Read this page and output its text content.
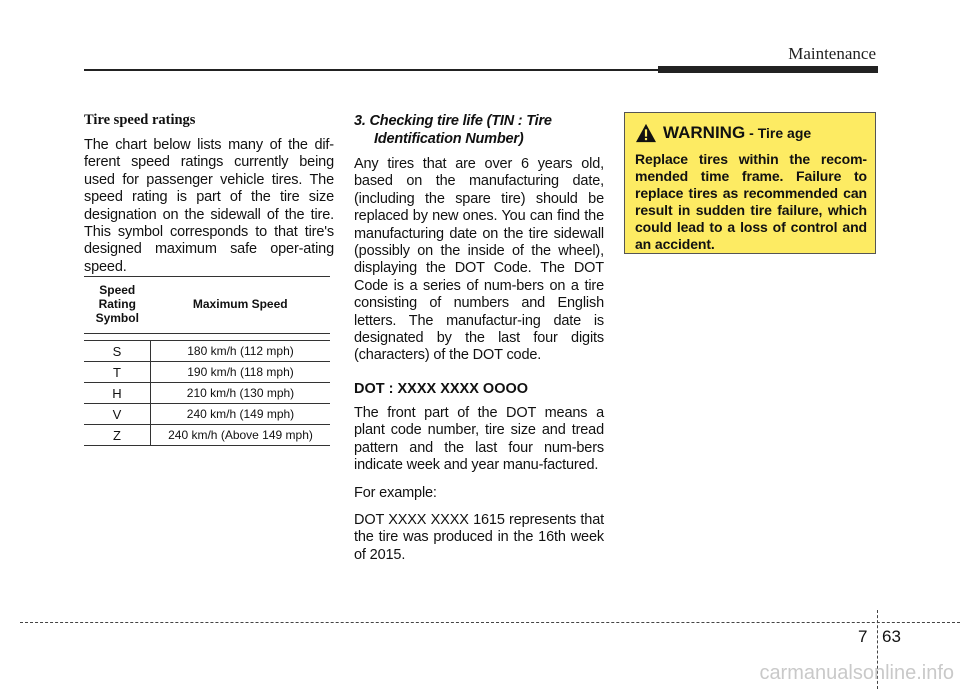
Maintenance

Tire speed ratings

The chart below lists many of the dif-ferent speed ratings currently being used for passenger vehicle tires. The speed rating is part of the tire size designation on the sidewall of the tire. This symbol corresponds to that tire's designed maximum safe oper-ating speed.

Speed Rating Symbol	Maximum Speed

S	180 km/h (112 mph)
T	190 km/h (118 mph)
H	210 km/h (130 mph)
V	240 km/h (149 mph)
Z	240 km/h (Above 149 mph)

3. Checking tire life (TIN : Tire Identification Number)

Any tires that are over 6 years old, based on the manufacturing date, (including the spare tire) should be replaced by new ones. You can find the manufacturing date on the tire sidewall (possibly on the inside of the wheel), displaying the DOT Code. The DOT Code is a series of num-bers on a tire consisting of numbers and English letters. The manufactur-ing date is designated by the last four digits (characters) of the DOT code.

DOT : XXXX XXXX OOOO

The front part of the DOT means a plant code number, tire size and tread pattern and the last four num-bers indicate week and year manu-factured.

For example:

DOT XXXX XXXX 1615 represents that the tire was produced in the 16th week of 2015.

WARNING - Tire age

Replace tires within the recom-mended time frame. Failure to replace tires as recommended can result in sudden tire failure, which could lead to a loss of control and an accident.

7 63
carmanualsonline.info
